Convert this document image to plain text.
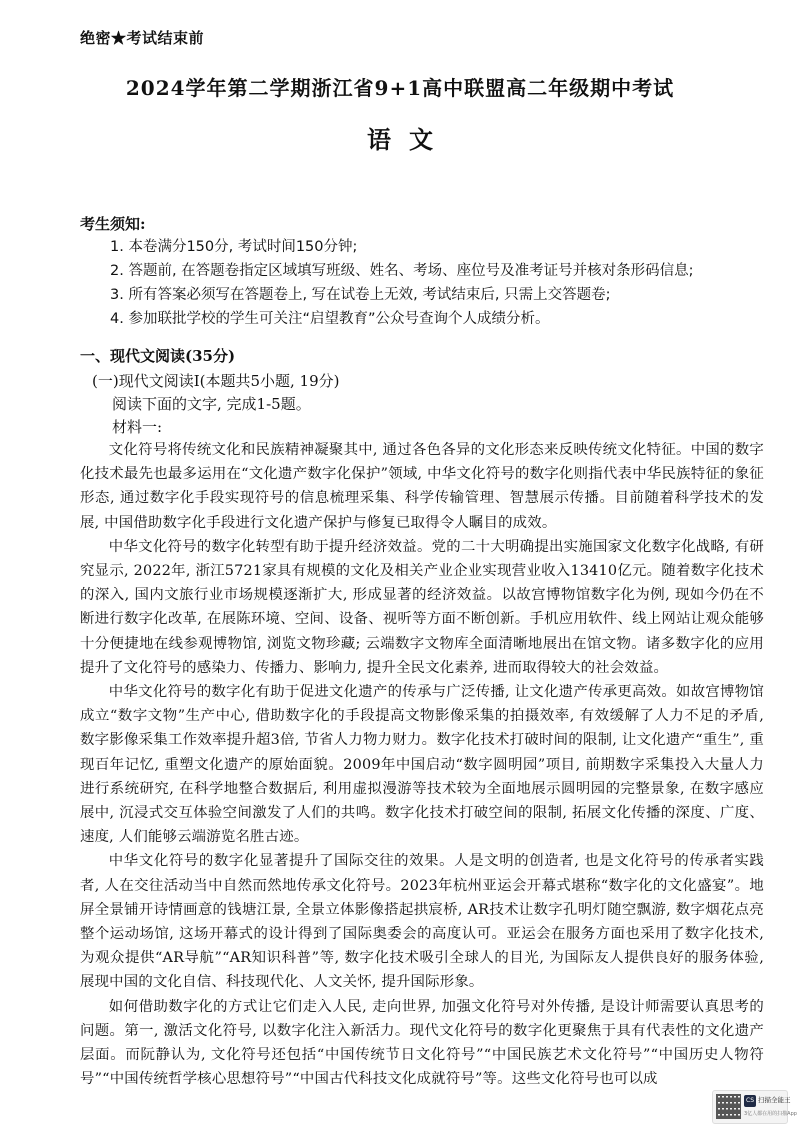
绝密★考试结束前
2024学年第二学期浙江省9+1高中联盟高二年级期中考试
语文
考生须知:
1. 本卷满分150分, 考试时间150分钟;
2. 答题前, 在答题卷指定区域填写班级、姓名、考场、座位号及准考证号并核对条形码信息;
3. 所有答案必须写在答题卷上, 写在试卷上无效, 考试结束后, 只需上交答题卷;
4. 参加联批学校的学生可关注“启望教育”公众号查询个人成绩分析。
一、现代文阅读(35分)
(一)现代文阅读I(本题共5小题, 19分)
阅读下面的文字, 完成1-5题。
材料一:

文化符号将传统文化和民族精神凝聚其中, 通过各色各异的文化形态来反映传统文化特征。中国的数字化技术最先也最多运用在“文化遗产数字化保护”领域, 中华文化符号的数字化则指代表中华民族特征的象征形态, 通过数字化手段实现符号的信息梳理采集、科学传输管理、智慧展示传播。目前随着科学技术的发展, 中国借助数字化手段进行文化遗产保护与修复已取得令人瞩目的成效。

中华文化符号的数字化转型有助于提升经济效益。党的二十大明确提出实施国家文化数字化战略, 有研究显示, 2022年, 浙江5721家具有规模的文化及相关产业企业实现营业收入13410亿元。随着数字化技术的深入, 国内文旅行业市场规模逐渐扩大, 形成显著的经济效益。以故宫博物馆数字化为例, 现如今仍在不断进行数字化改革, 在展陈环境、空间、设备、视听等方面不断创新。手机应用软件、线上网站让观众能够十分便捷地在线参观博物馆, 浏览文物珍藏; 云端数字文物库全面清晰地展出在馆文物。诸多数字化的应用提升了文化符号的感染力、传播力、影响力, 提升全民文化素养, 进而取得较大的社会效益。

中华文化符号的数字化有助于促进文化遗产的传承与广泛传播, 让文化遗产传承更高效。如故宫博物馆成立“数字文物”生产中心, 借助数字化的手段提高文物影像采集的拍摄效率, 有效缓解了人力不足的矛盾, 数字影像采集工作效率提升超3倍, 节省人力物力财力。数字化技术打破时间的限制, 让文化遗产“重生”, 重现百年记忆, 重塑文化遗产的原始面貌。2009年中国启动“数字圆明园”项目, 前期数字采集投入大量人力进行系统研究, 在科学地整合数据后, 利用虚拟漫游等技术较为全面地展示圆明园的完整景象, 在数字感应展中, 沉浸式交互体验空间激发了人们的共鸣。数字化技术打破空间的限制, 拓展文化传播的深度、广度、速度, 人们能够云端游览名胜古迹。

中华文化符号的数字化显著提升了国际交往的效果。人是文明的创造者, 也是文化符号的传承者实践者, 人在交往活动当中自然而然地传承文化符号。2023年杭州亚运会开幕式堪称“数字化的文化盛宴”。地屏全景铺开诗情画意的钱塘江景, 全景立体影像搭起拱宸桥, AR技术让数字孔明灯随空飘游, 数字烟花点亮整个运动场馆, 这场开幕式的设计得到了国际奥委会的高度认可。亚运会在服务方面也采用了数字化技术, 为观众提供“AR导航”“AR知识科普”等, 数字化技术吸引全球人的目光, 为国际友人提供良好的服务体验, 展现中国的文化自信、科技现代化、人文关怀, 提升国际形象。

如何借助数字化的方式让它们走入人民, 走向世界, 加强文化符号对外传播, 是设计师需要认真思考的问题。第一, 激活文化符号, 以数字化注入新活力。现代文化符号的数字化更聚焦于具有代表性的文化遗产层面。而阮静认为, 文化符号还包括“中国传统节日文化符号”“中国民族艺术文化符号”“中国历史人物符号”“中国传统哲学核心思想符号”“中国古代科技文化成就符号”等。这些文化符号也可以成

CS 扫描全能王
3亿人都在用的扫描App
